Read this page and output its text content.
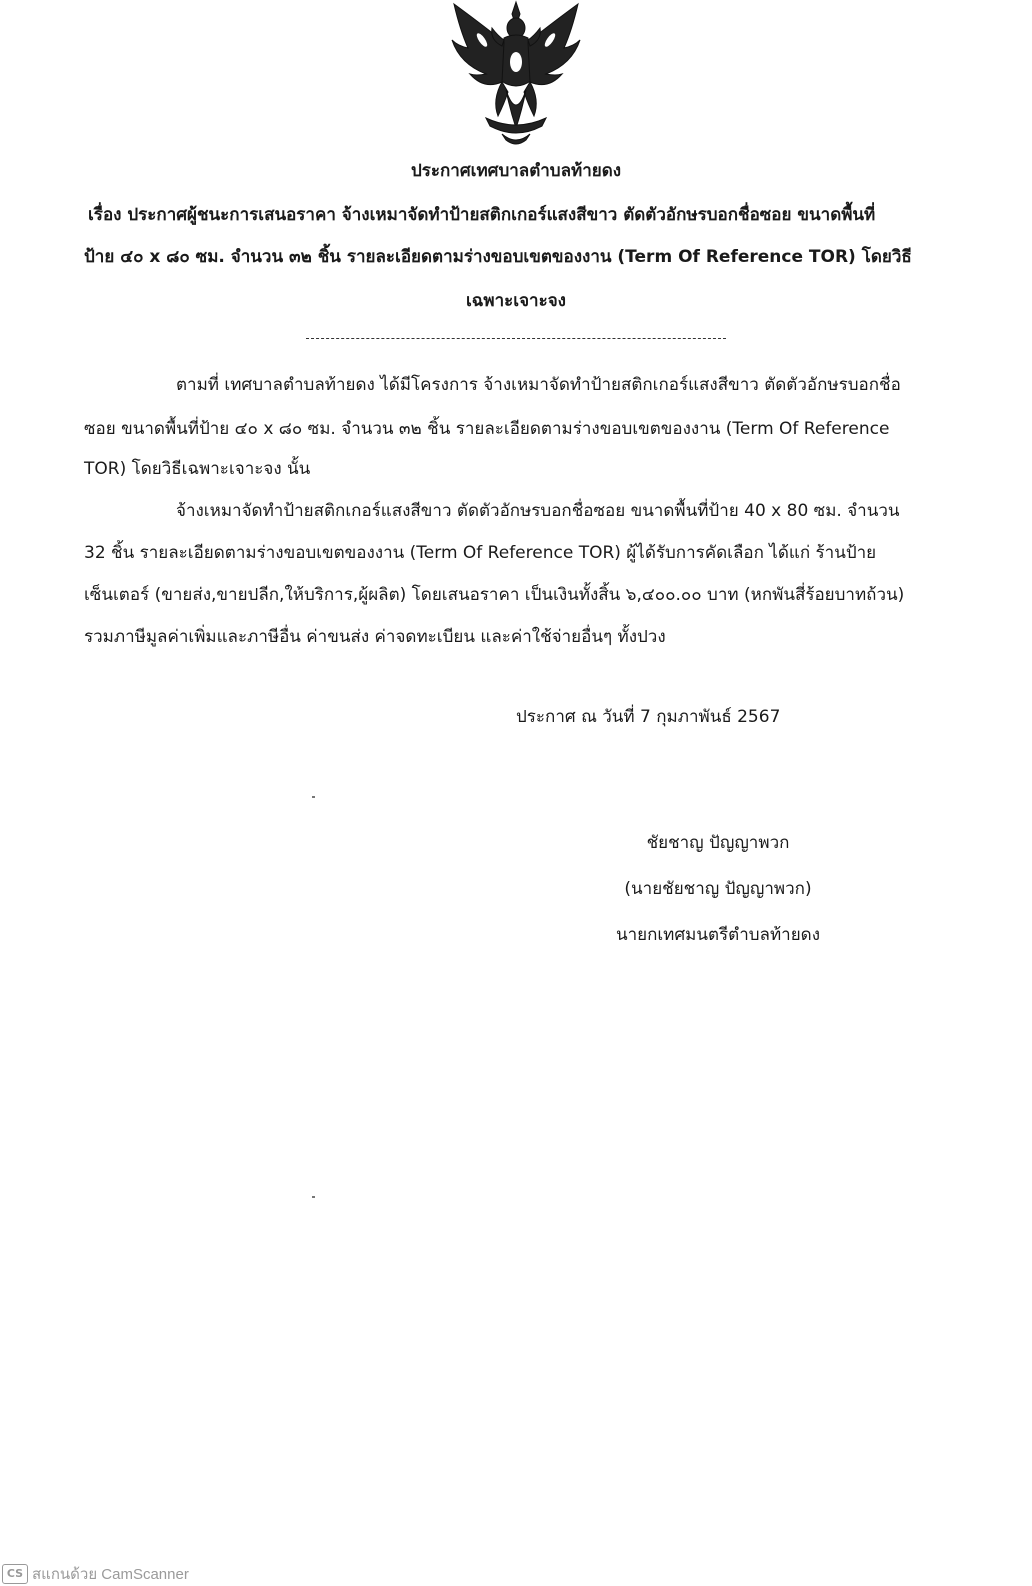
ประกาศเทศบาลตำบลท้ายดง
เรื่อง ประกาศผู้ชนะการเสนอราคา จ้างเหมาจัดทำป้ายสติกเกอร์แสงสีขาว ตัดตัวอักษรบอกชื่อซอย ขนาดพื้นที่
ป้าย ๔๐ x ๘๐ ซม. จำนวน ๓๒ ชิ้น รายละเอียดตามร่างขอบเขตของงาน (Term Of Reference TOR) โดยวิธี
เฉพาะเจาะจง
ตามที่ เทศบาลตำบลท้ายดง ได้มีโครงการ จ้างเหมาจัดทำป้ายสติกเกอร์แสงสีขาว ตัดตัวอักษรบอกชื่อ
ซอย ขนาดพื้นที่ป้าย ๔๐ x ๘๐ ซม. จำนวน ๓๒ ชิ้น รายละเอียดตามร่างขอบเขตของงาน (Term Of Reference
TOR) โดยวิธีเฉพาะเจาะจง นั้น
จ้างเหมาจัดทำป้ายสติกเกอร์แสงสีขาว ตัดตัวอักษรบอกชื่อซอย ขนาดพื้นที่ป้าย 40 x 80 ซม. จำนวน
32 ชิ้น รายละเอียดตามร่างขอบเขตของงาน (Term Of Reference TOR) ผู้ได้รับการคัดเลือก ได้แก่ ร้านป้าย
เซ็นเตอร์ (ขายส่ง,ขายปลีก,ให้บริการ,ผู้ผลิต) โดยเสนอราคา เป็นเงินทั้งสิ้น ๖,๔๐๐.๐๐ บาท (หกพันสี่ร้อยบาทถ้วน)
รวมภาษีมูลค่าเพิ่มและภาษีอื่น ค่าขนส่ง ค่าจดทะเบียน และค่าใช้จ่ายอื่นๆ ทั้งปวง
ประกาศ ณ วันที่ 7 กุมภาพันธ์ 2567
ชัยชาญ ปัญญาพวก
(นายชัยชาญ ปัญญาพวก)
นายกเทศมนตรีตำบลท้ายดง
CS สแกนด้วย CamScanner
